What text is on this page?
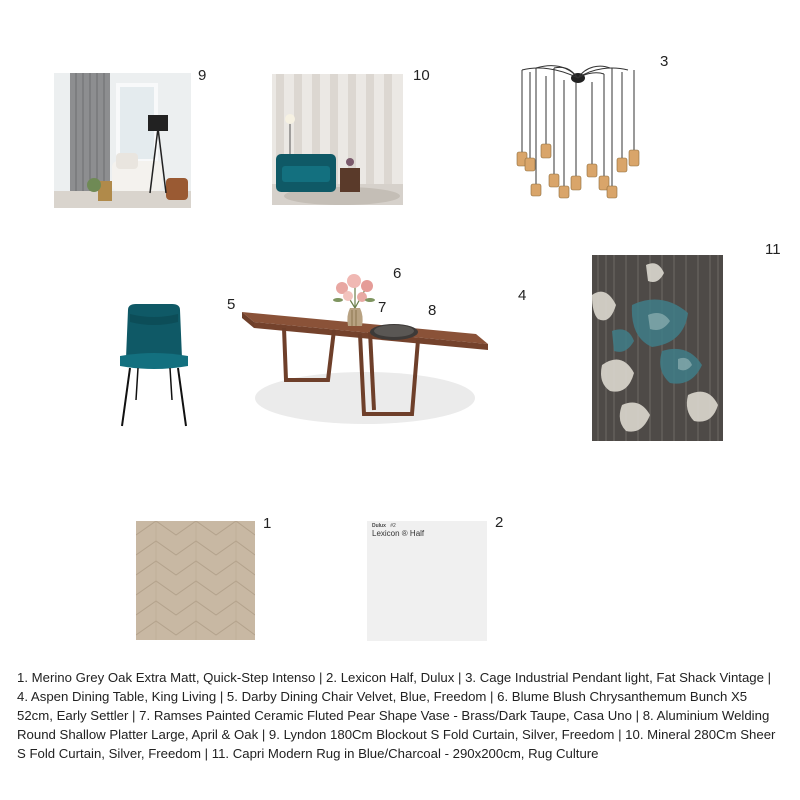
9	10
3
5
6
7	8
4
11
1	Dulux #2
Lexicon ® Half
2
1. Merino Grey Oak Extra Matt, Quick-Step Intenso | 2. Lexicon Half, Dulux | 3. Cage Industrial Pendant light, Fat Shack Vintage | 4. Aspen Dining Table, King Living | 5. Darby Dining Chair Velvet, Blue, Freedom | 6. Blume Blush Chrysanthemum Bunch X5 52cm, Early Settler | 7. Ramses Painted Ceramic Fluted Pear Shape Vase - Brass/Dark Taupe, Casa Uno | 8. Aluminium Welding Round Shallow Platter Large, April & Oak | 9. Lyndon 180Cm Blockout S Fold Curtain, Silver, Freedom | 10. Mineral 280Cm Sheer S Fold Curtain, Silver, Freedom | 11. Capri Modern Rug in Blue/Charcoal - 290x200cm, Rug Culture
